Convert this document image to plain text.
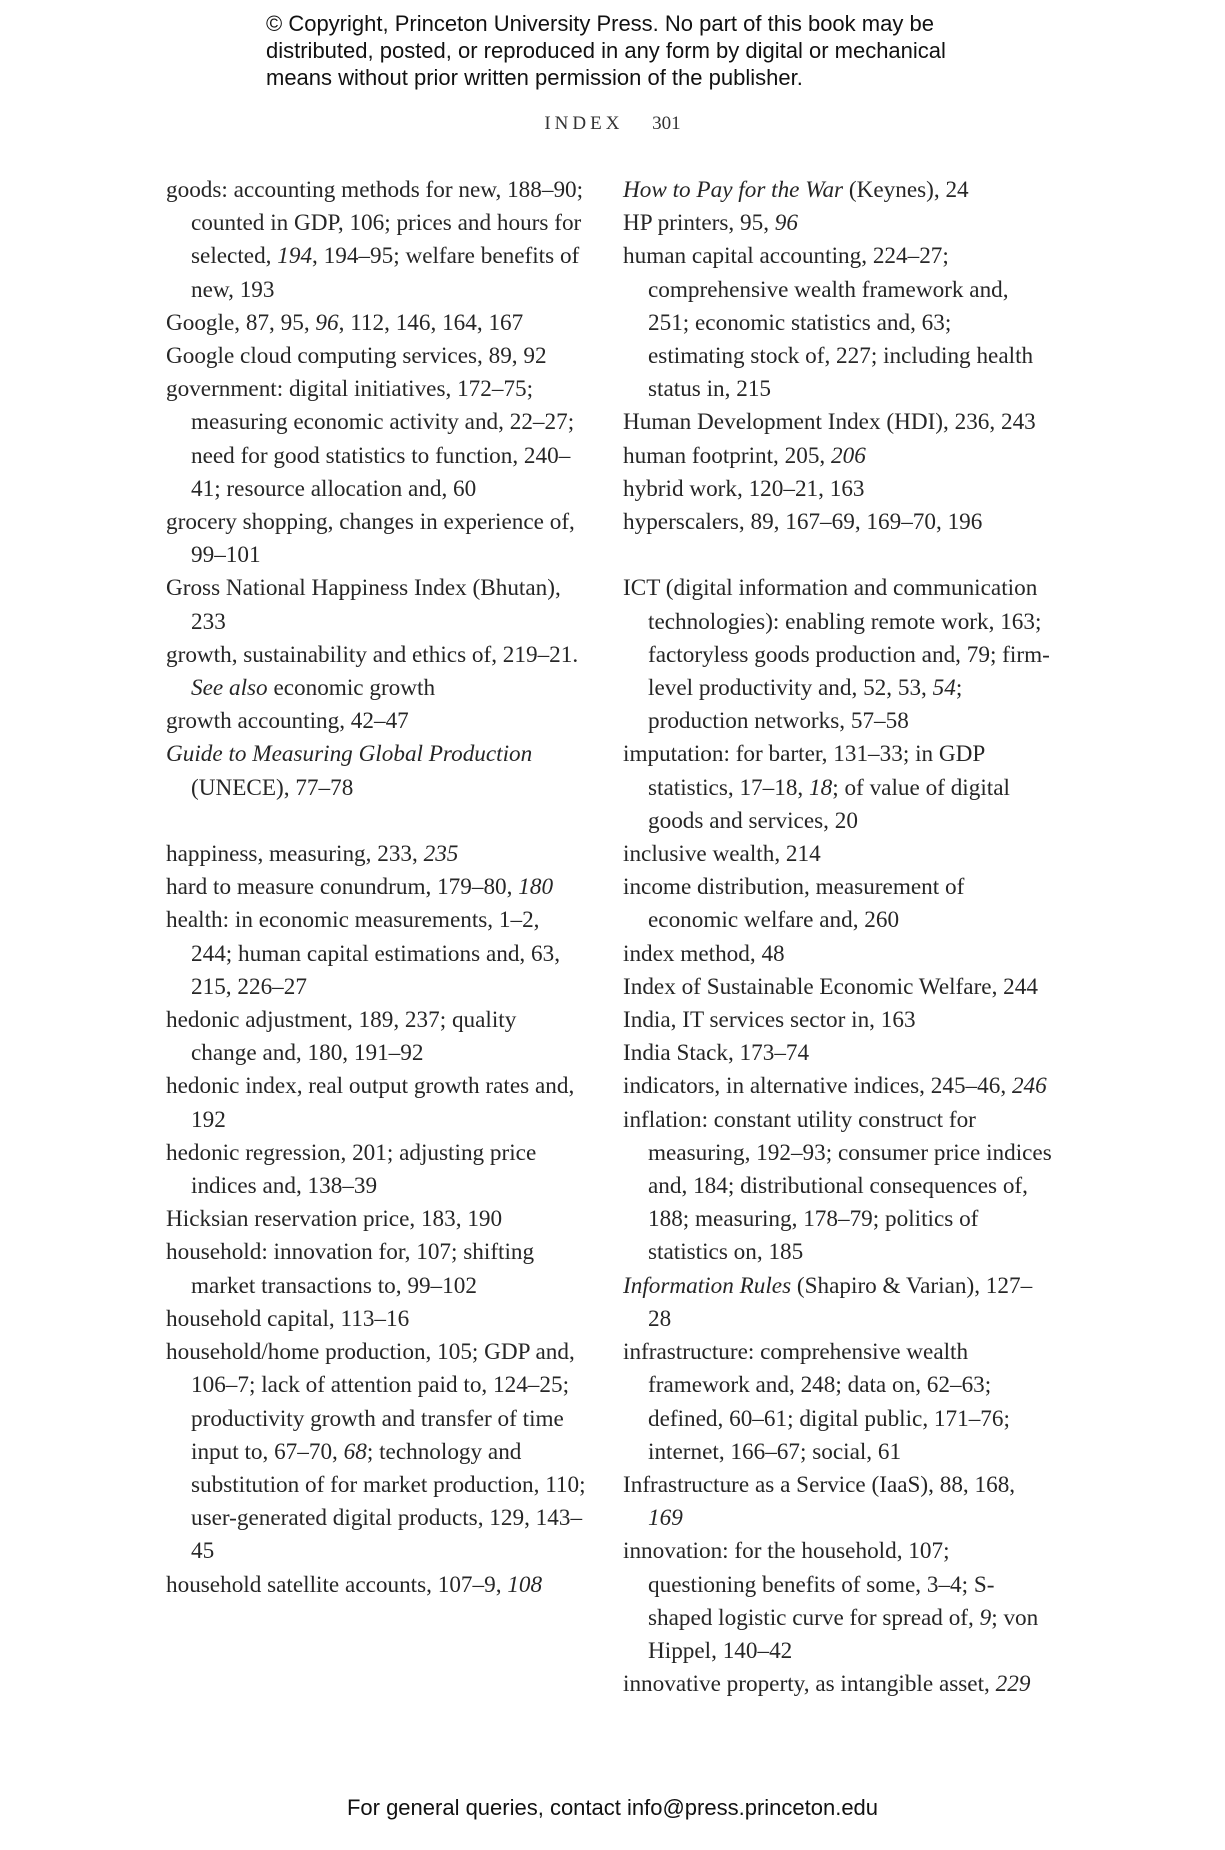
© Copyright, Princeton University Press. No part of this book may be
distributed, posted, or reproduced in any form by digital or mechanical
means without prior written permission of the publisher.
INDEX 301

goods: accounting methods for new, 188–90; counted in GDP, 106; prices and hours for selected, 194, 194–95; welfare benefits of new, 193

Google, 87, 95, 96, 112, 146, 164, 167

Google cloud computing services, 89, 92

government: digital initiatives, 172–75; measuring economic activity and, 22–27; need for good statistics to function, 240–41; resource allocation and, 60

grocery shopping, changes in experience of, 99–101

Gross National Happiness Index (Bhutan), 233

growth, sustainability and ethics of, 219–21. See also economic growth

growth accounting, 42–47

Guide to Measuring Global Production (UNECE), 77–78

happiness, measuring, 233, 235

hard to measure conundrum, 179–80, 180

health: in economic measurements, 1–2, 244; human capital estimations and, 63, 215, 226–27

hedonic adjustment, 189, 237; quality change and, 180, 191–92

hedonic index, real output growth rates and, 192

hedonic regression, 201; adjusting price indices and, 138–39

Hicksian reservation price, 183, 190

household: innovation for, 107; shifting market transactions to, 99–102

household capital, 113–16

household/home production, 105; GDP and, 106–7; lack of attention paid to, 124–25; productivity growth and transfer of time input to, 67–70, 68; technology and substitution of for market production, 110; user-generated digital products, 129, 143–45

household satellite accounts, 107–9, 108

How to Pay for the War (Keynes), 24

HP printers, 95, 96

human capital accounting, 224–27; comprehensive wealth framework and, 251; economic statistics and, 63; estimating stock of, 227; including health status in, 215

Human Development Index (HDI), 236, 243

human footprint, 205, 206

hybrid work, 120–21, 163

hyperscalers, 89, 167–69, 169–70, 196

ICT (digital information and communication technologies): enabling remote work, 163; factoryless goods production and, 79; firm-level productivity and, 52, 53, 54; production networks, 57–58

imputation: for barter, 131–33; in GDP statistics, 17–18, 18; of value of digital goods and services, 20

inclusive wealth, 214

income distribution, measurement of economic welfare and, 260

index method, 48

Index of Sustainable Economic Welfare, 244

India, IT services sector in, 163

India Stack, 173–74

indicators, in alternative indices, 245–46, 246

inflation: constant utility construct for measuring, 192–93; consumer price indices and, 184; distributional consequences of, 188; measuring, 178–79; politics of statistics on, 185

Information Rules (Shapiro & Varian), 127–28

infrastructure: comprehensive wealth framework and, 248; data on, 62–63; defined, 60–61; digital public, 171–76; internet, 166–67; social, 61

Infrastructure as a Service (IaaS), 88, 168, 169

innovation: for the household, 107; questioning benefits of some, 3–4; S-shaped logistic curve for spread of, 9; von Hippel, 140–42

innovative property, as intangible asset, 229

For general queries, contact info@press.princeton.edu
